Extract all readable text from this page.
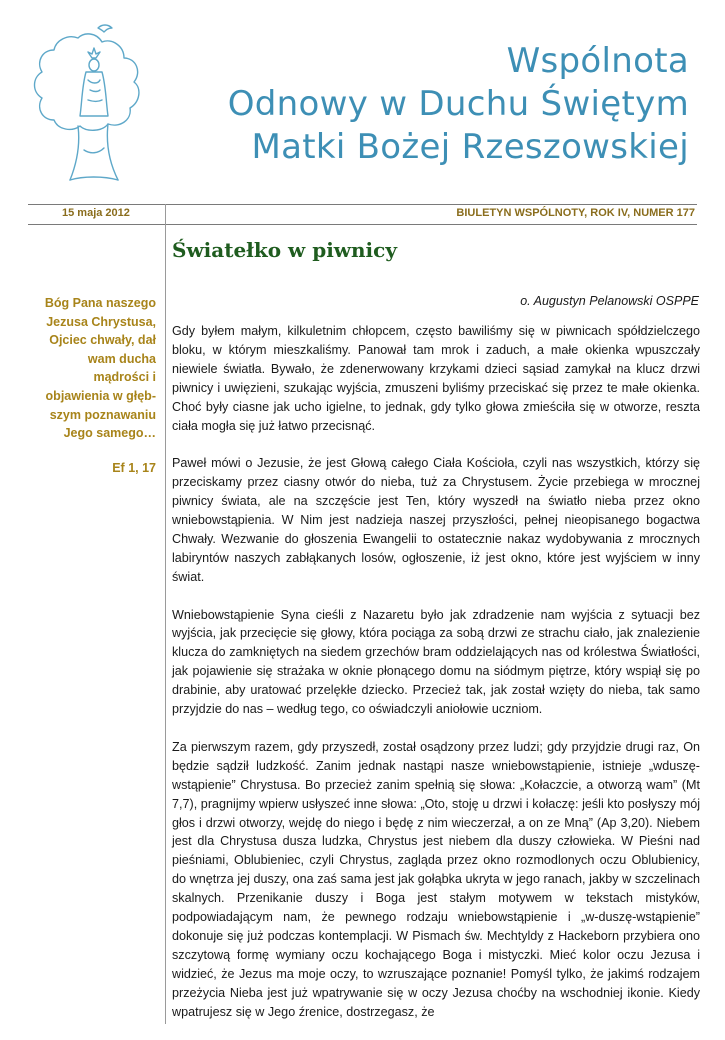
Wspólnota
Odnowy w Duchu Świętym
Matki Bożej Rzeszowskiej
15 maja 2012	BIULETYN WSPÓLNOTY, ROK IV, NUMER 177
Bóg Pana naszego Jezusa Chrystusa, Ojciec chwały, dał wam ducha mądrości i objawienia w głębszym poznawaniu Jego samego…
Ef 1, 17
Światełko w piwnicy
o. Augustyn Pelanowski OSPPE

Gdy byłem małym, kilkuletnim chłopcem, często bawiliśmy się w piwnicach spółdzielczego bloku, w którym mieszkaliśmy. Panował tam mrok i zaduch, a małe okienka wpuszczały niewiele światła. Bywało, że zdenerwowany krzykami dzieci sąsiad zamykał na klucz drzwi piwnicy i uwięzieni, szukając wyjścia, zmuszeni byliśmy przeciskać się przez te małe okienka. Choć były ciasne jak ucho igielne, to jednak, gdy tylko głowa zmieściła się w otworze, reszta ciała mogła się już łatwo przecisnąć.

Paweł mówi o Jezusie, że jest Głową całego Ciała Kościoła, czyli nas wszystkich, którzy się przeciskamy przez ciasny otwór do nieba, tuż za Chrystusem. Życie przebiega w mrocznej piwnicy świata, ale na szczęście jest Ten, który wyszedł na światło nieba przez okno wniebowstąpienia. W Nim jest nadzieja naszej przyszłości, pełnej nieopisanego bogactwa Chwały. Wezwanie do głoszenia Ewangelii to ostatecznie nakaz wydobywania z mrocznych labiryntów naszych zabłąkanych losów, ogłoszenie, iż jest okno, które jest wyjściem w inny świat.

Wniebowstąpienie Syna cieśli z Nazaretu było jak zdradzenie nam wyjścia z sytuacji bez wyjścia, jak przecięcie się głowy, która pociąga za sobą drzwi ze strachu ciało, jak znalezienie klucza do zamkniętych na siedem grzechów bram oddzielających nas od królestwa Światłości, jak pojawienie się strażaka w oknie płonącego domu na siódmym piętrze, który wspiął się po drabinie, aby uratować przelękłe dziecko. Przecież tak, jak został wzięty do nieba, tak samo przyjdzie do nas – według tego, co oświadczyli aniołowie uczniom.

Za pierwszym razem, gdy przyszedł, został osądzony przez ludzi; gdy przyjdzie drugi raz, On będzie sądził ludzkość. Zanim jednak nastąpi nasze wniebowstąpienie, istnieje „wduszę-wstąpienie” Chrystusa. Bo przecież zanim spełnią się słowa: „Kołaczcie, a otworzą wam” (Mt 7,7), pragnijmy wpierw usłyszeć inne słowa: „Oto, stoję u drzwi i kołaczę: jeśli kto posłyszy mój głos i drzwi otworzy, wejdę do niego i będę z nim wieczerzał, a on ze Mną” (Ap 3,20). Niebem jest dla Chrystusa dusza ludzka, Chrystus jest niebem dla duszy człowieka. W Pieśni nad pieśniami, Oblubieniec, czyli Chrystus, zagląda przez okno rozmodlonych oczu Oblubienicy, do wnętrza jej duszy, ona zaś sama jest jak gołąbka ukryta w jego ranach, jakby w szczelinach skalnych. Przenikanie duszy i Boga jest stałym motywem w tekstach mistyków, podpowiadającym nam, że pewnego rodzaju wniebowstąpienie i „w-duszę-wstąpienie” dokonuje się już podczas kontemplacji. W Pismach św. Mechtyldy z Hackeborn przybiera ono szczytową formę wymiany oczu kochającego Boga i mistyczki. Mieć kolor oczu Jezusa i widzieć, że Jezus ma moje oczy, to wzruszające poznanie! Pomyśl tylko, że jakimś rodzajem przeżycia Nieba jest już wpatrywanie się w oczy Jezusa choćby na wschodniej ikonie. Kiedy wpatrujesz się w Jego źrenice, dostrzegasz, że
